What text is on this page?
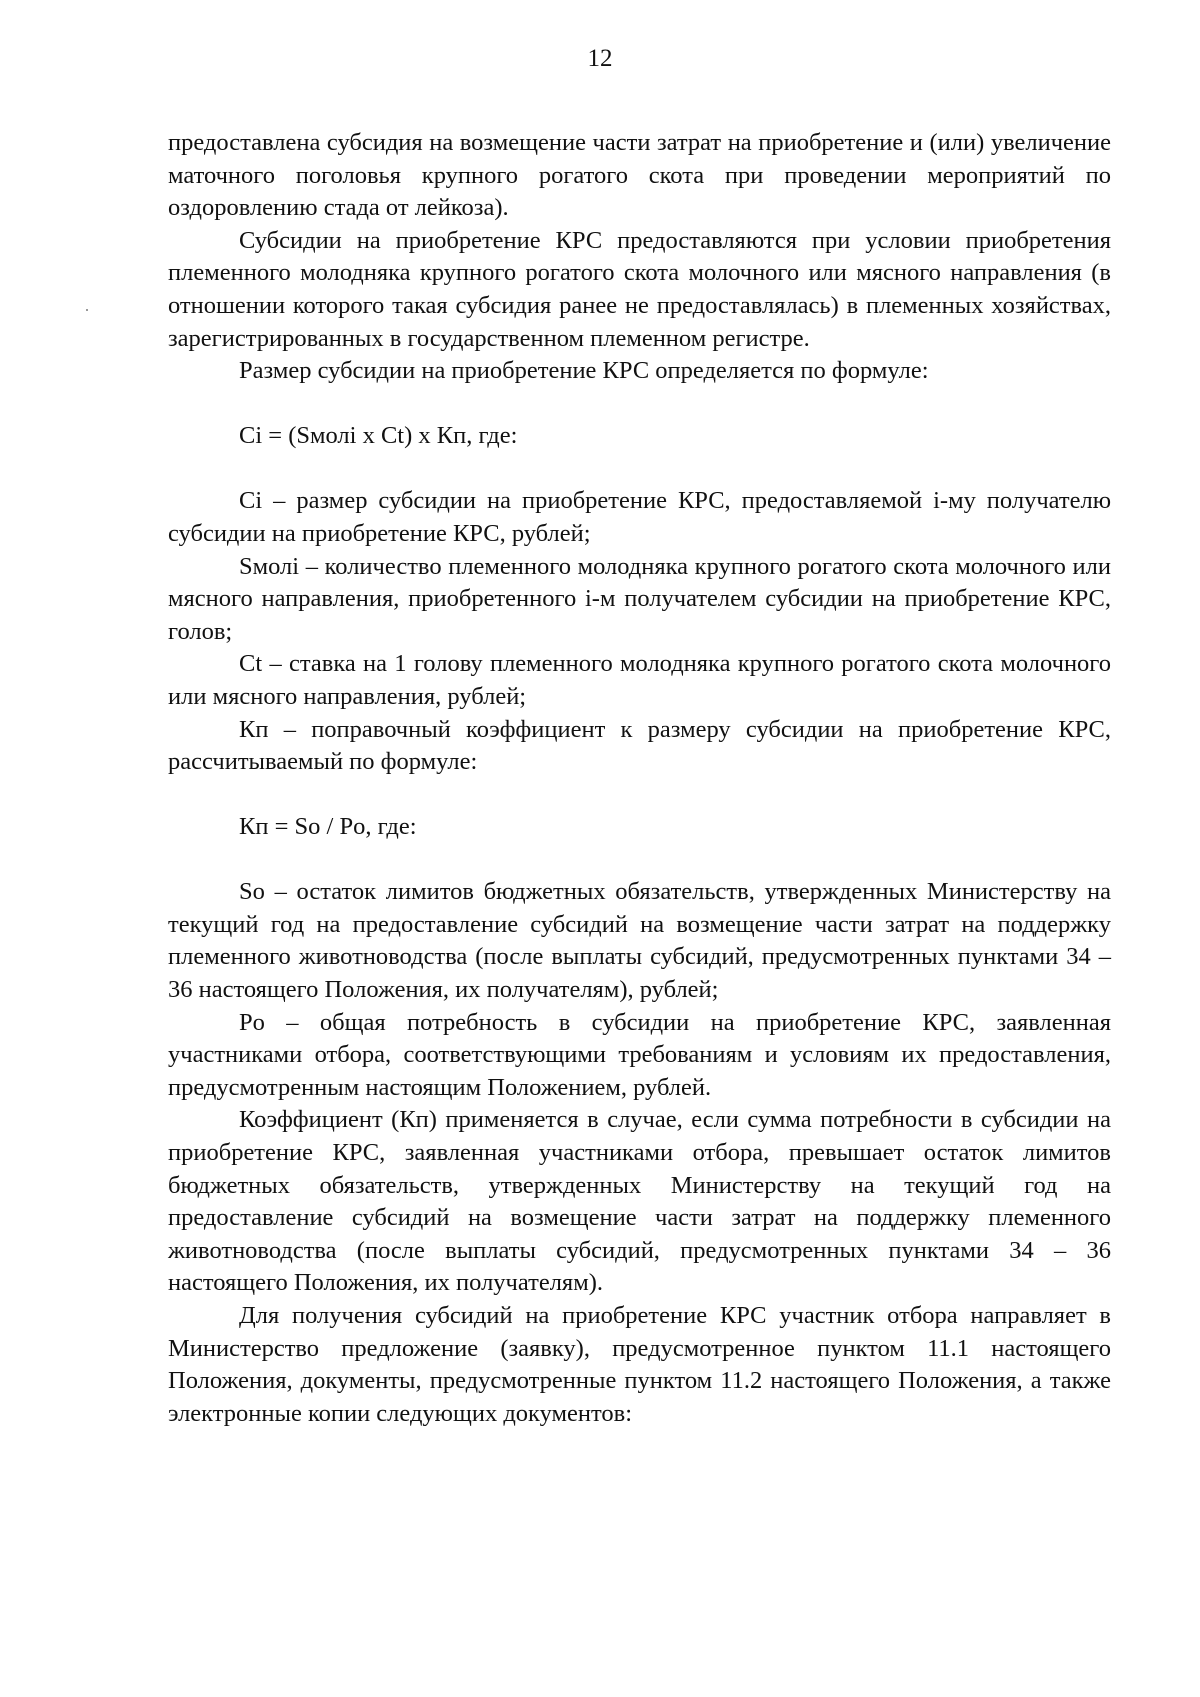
12

предоставлена субсидия на возмещение части затрат на приобретение и (или) увеличение маточного поголовья крупного рогатого скота при проведении мероприятий по оздоровлению стада от лейкоза).

Субсидии на приобретение КРС предоставляются при условии приобретения племенного молодняка крупного рогатого скота молочного или мясного направления (в отношении которого такая субсидия ранее не предоставлялась) в племенных хозяйствах, зарегистрированных в государственном племенном регистре.

Размер субсидии на приобретение КРС определяется по формуле:

Ci = (Sмолi x Ct) x Кп, где:

Ci – размер субсидии на приобретение КРС, предоставляемой i-му получателю субсидии на приобретение КРС, рублей;

Sмолi – количество племенного молодняка крупного рогатого скота молочного или мясного направления, приобретенного i-м получателем субсидии на приобретение КРС, голов;

Ct – ставка на 1 голову племенного молодняка крупного рогатого скота молочного или мясного направления, рублей;

Кп – поправочный коэффициент к размеру субсидии на приобретение КРС, рассчитываемый по формуле:

Кп = So / Po, где:

So – остаток лимитов бюджетных обязательств, утвержденных Министерству на текущий год на предоставление субсидий на возмещение части затрат на поддержку племенного животноводства (после выплаты субсидий, предусмотренных пунктами 34 – 36 настоящего Положения, их получателям), рублей;

Po – общая потребность в субсидии на приобретение КРС, заявленная участниками отбора, соответствующими требованиям и условиям их предоставления, предусмотренным настоящим Положением, рублей.

Коэффициент (Кп) применяется в случае, если сумма потребности в субсидии на приобретение КРС, заявленная участниками отбора, превышает остаток лимитов бюджетных обязательств, утвержденных Министерству на текущий год на предоставление субсидий на возмещение части затрат на поддержку племенного животноводства (после выплаты субсидий, предусмотренных пунктами 34 – 36 настоящего Положения, их получателям).

Для получения субсидий на приобретение КРС участник отбора направляет в Министерство предложение (заявку), предусмотренное пунктом 11.1 настоящего Положения, документы, предусмотренные пунктом 11.2 настоящего Положения, а также электронные копии следующих документов:
